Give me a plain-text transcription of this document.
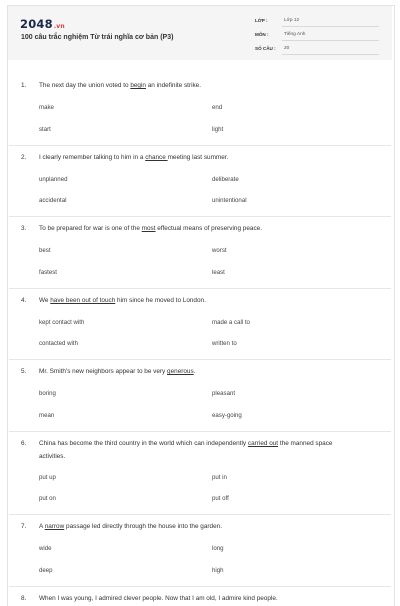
2048.vn
100 câu trắc nghiệm Từ trái nghĩa cơ bản (P3)
LỚP :	Lớp 12
MÔN :	Tiếng Anh
SỐ CÂU : 20
1. The next day the union voted to begin an indefinite strike.
make	end
start	light
2. I clearly remember talking to him in a chance meeting last summer.
unplanned	deliberate
accidental	unintentional
3. To be prepared for war is one of the most effectual means of preserving peace.
best	worst
fastest	least
4. We have been out of touch him since he moved to London.
kept contact with	made a call to
contacted with	written to
5. Mr. Smith's new neighbors appear to be very generous.
boring	pleasant
mean	easy-going
6. China has become the third country in the world which can independently carried out the manned space activities.
put up	put in
put on	put off
7. A narrow passage led directly through the house into the garden.
wide	long
deep	high
8. When I was young, I admired clever people. Now that I am old, I admire kind people.
